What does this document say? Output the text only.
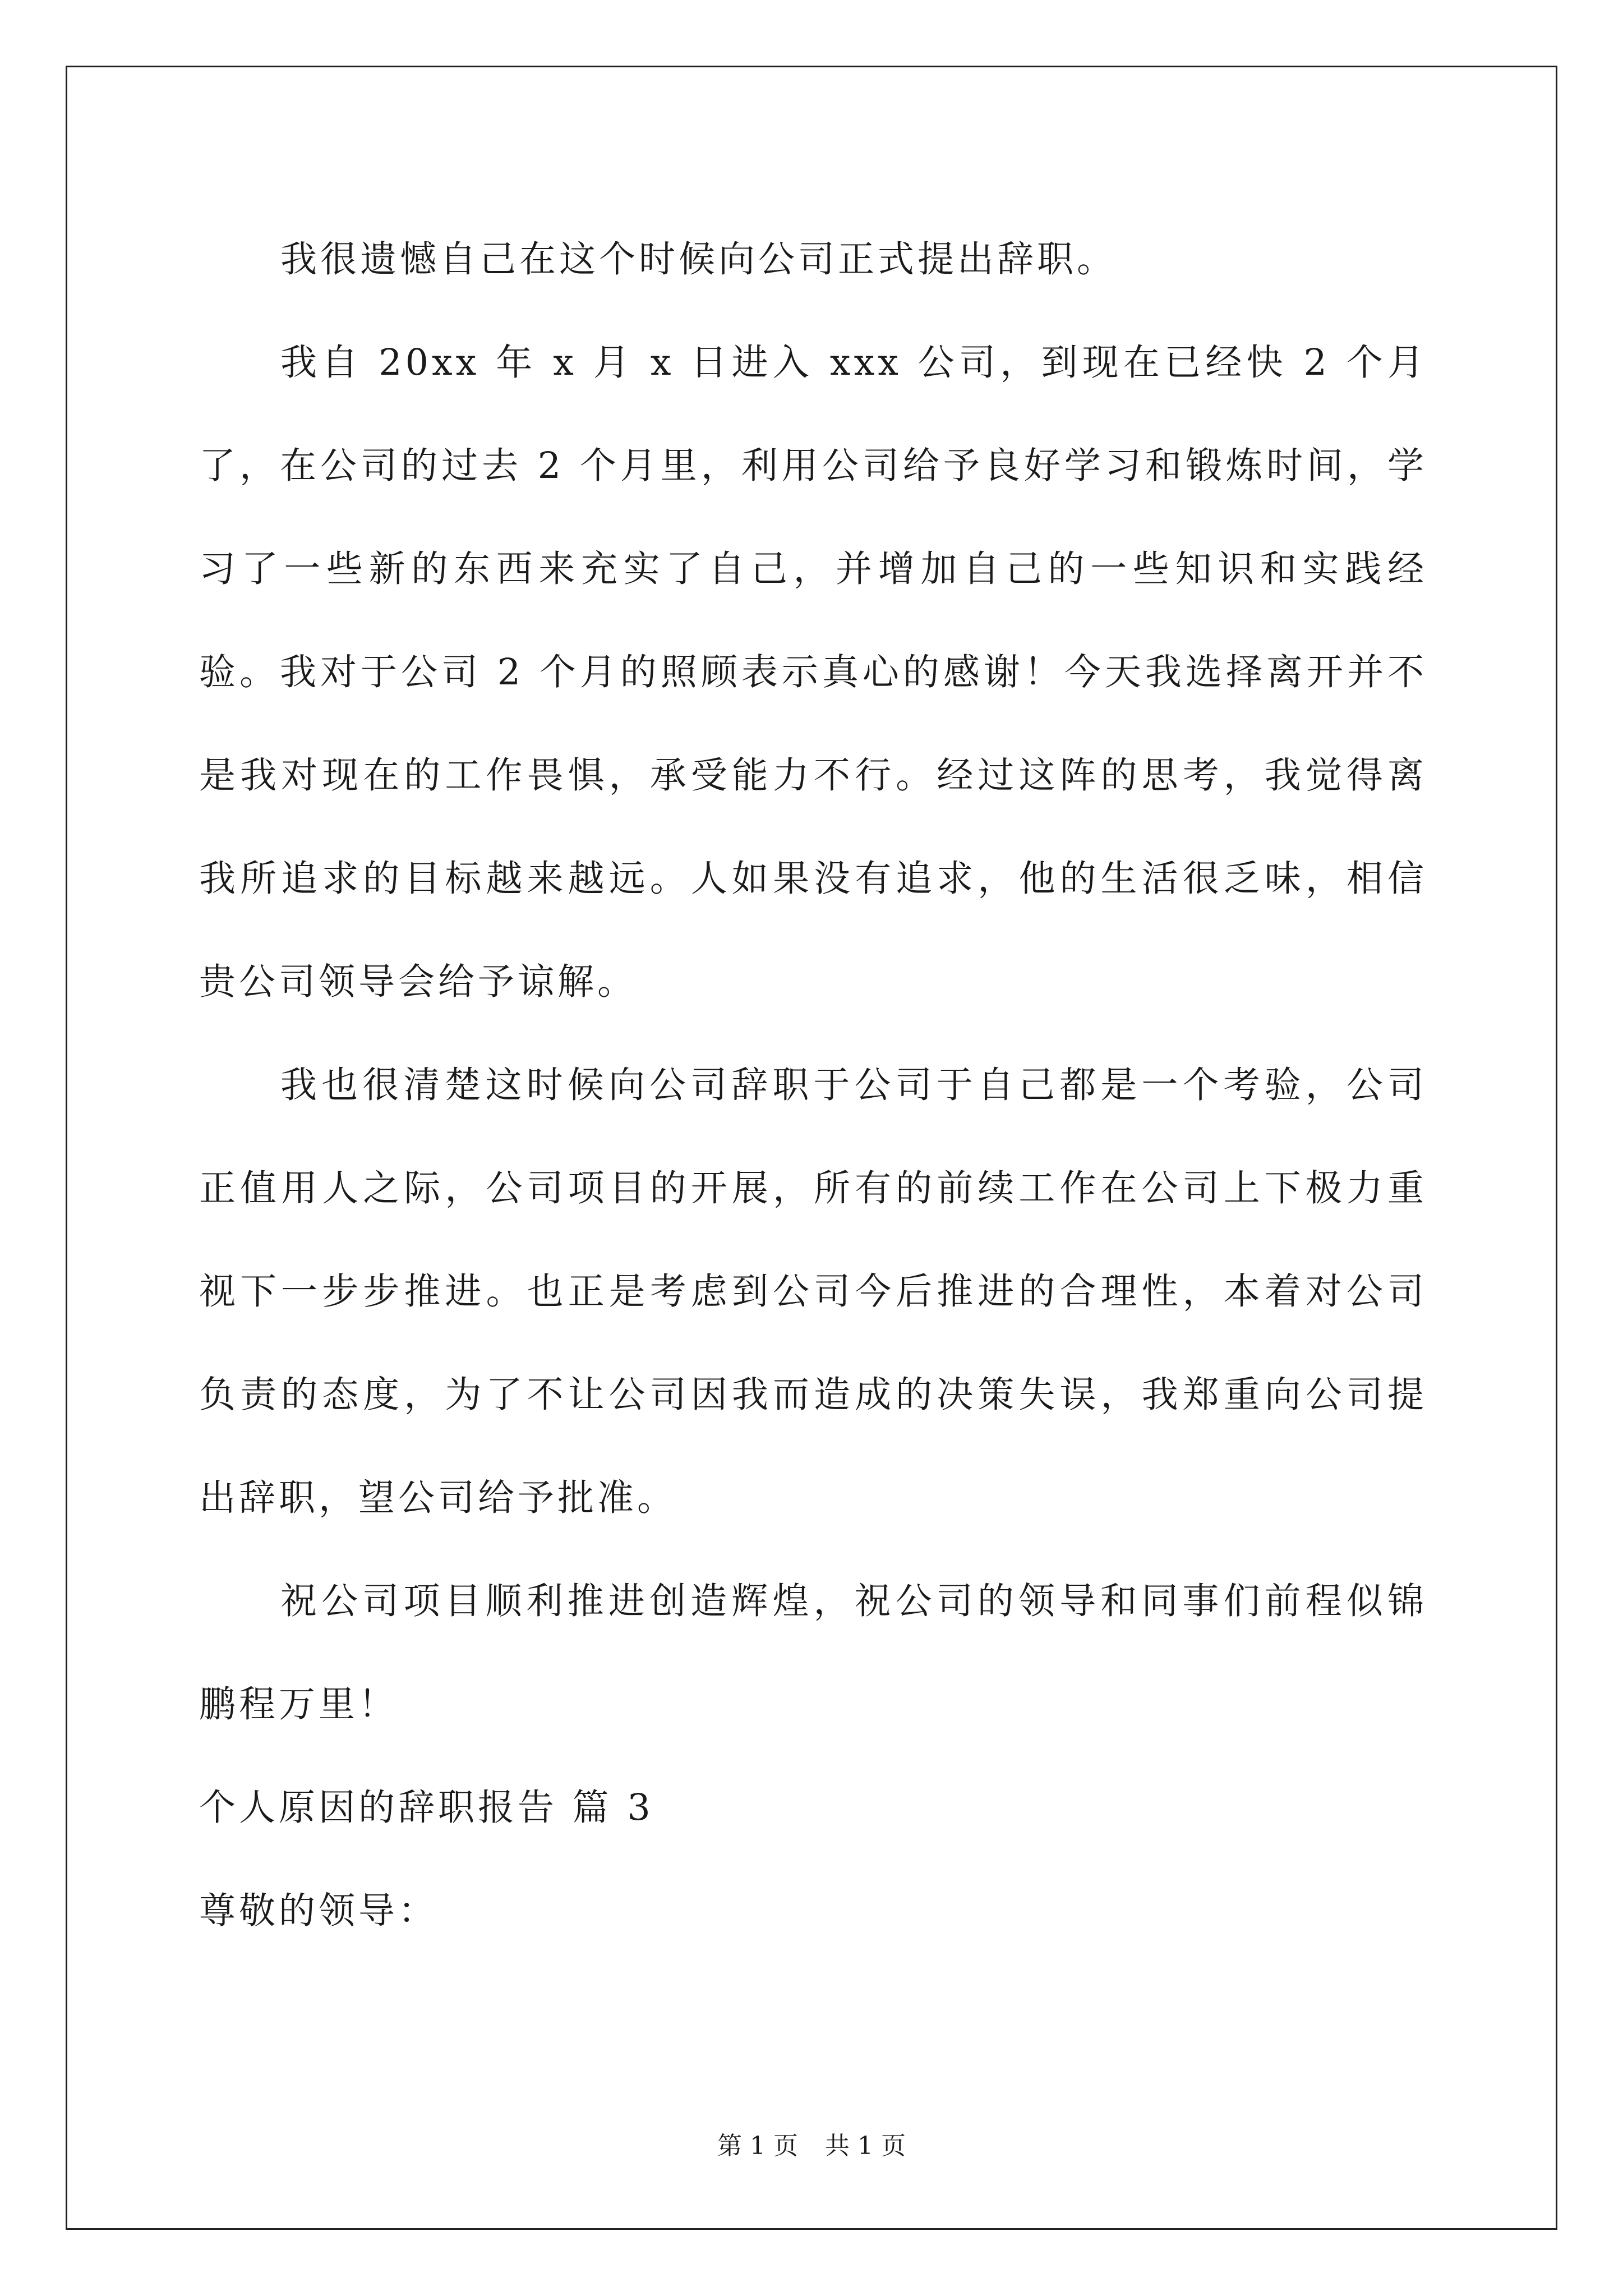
我很遗憾自己在这个时候向公司正式提出辞职。

我自 20xx 年 x 月 x 日进入 xxx 公司，到现在已经快 2 个月了，在公司的过去 2 个月里，利用公司给予良好学习和锻炼时间，学习了一些新的东西来充实了自己，并增加自己的一些知识和实践经验。我对于公司 2 个月的照顾表示真心的感谢！今天我选择离开并不是我对现在的工作畏惧，承受能力不行。经过这阵的思考，我觉得离我所追求的目标越来越远。人如果没有追求，他的生活很乏味，相信贵公司领导会给予谅解。

我也很清楚这时候向公司辞职于公司于自己都是一个考验，公司正值用人之际，公司项目的开展，所有的前续工作在公司上下极力重视下一步步推进。也正是考虑到公司今后推进的合理性，本着对公司负责的态度，为了不让公司因我而造成的决策失误，我郑重向公司提出辞职，望公司给予批准。

祝公司项目顺利推进创造辉煌，祝公司的领导和同事们前程似锦鹏程万里！

个人原因的辞职报告 篇 3

尊敬的领导：

第 1 页 共 1 页
